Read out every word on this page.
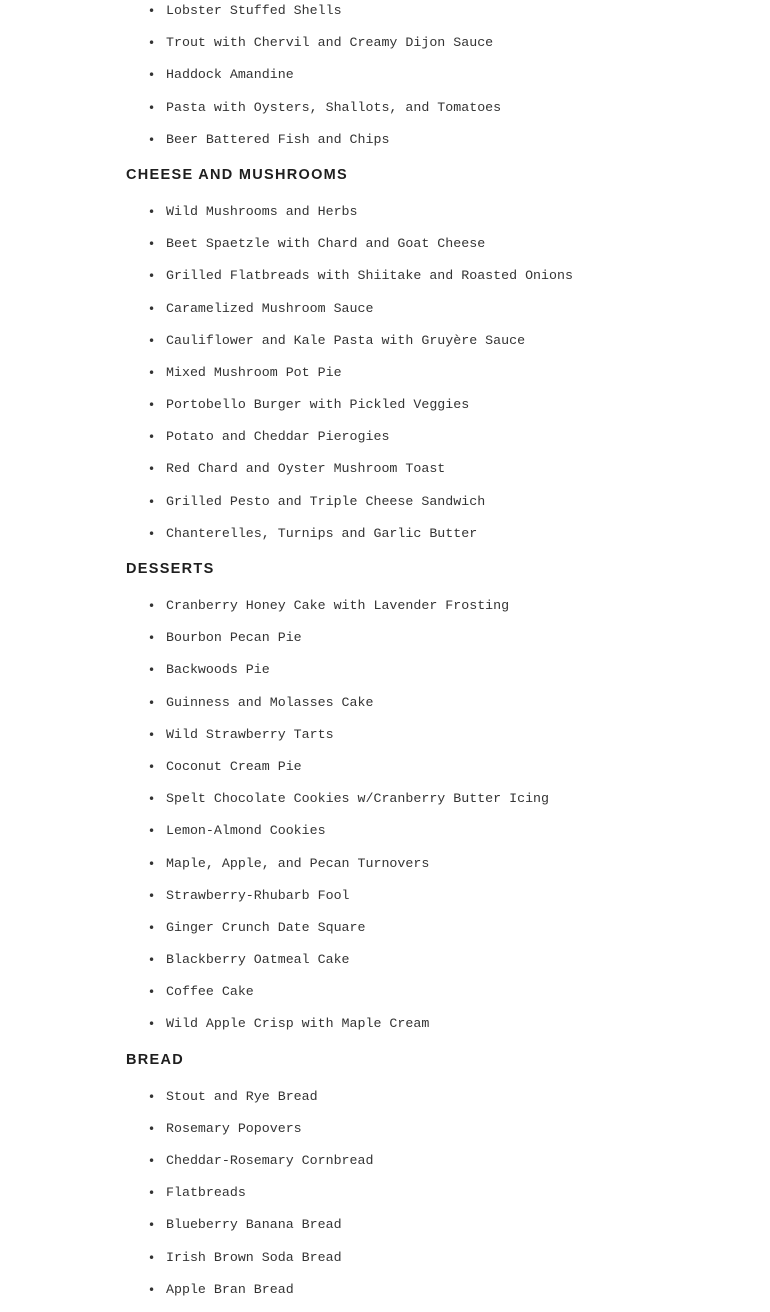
• Lobster Stuffed Shells
• Trout with Chervil and Creamy Dijon Sauce
• Haddock Amandine
• Pasta with Oysters, Shallots, and Tomatoes
• Beer Battered Fish and Chips
CHEESE AND MUSHROOMS
• Wild Mushrooms and Herbs
• Beet Spaetzle with Chard and Goat Cheese
• Grilled Flatbreads with Shiitake and Roasted Onions
• Caramelized Mushroom Sauce
• Cauliflower and Kale Pasta with Gruyère Sauce
• Mixed Mushroom Pot Pie
• Portobello Burger with Pickled Veggies
• Potato and Cheddar Pierogies
• Red Chard and Oyster Mushroom Toast
• Grilled Pesto and Triple Cheese Sandwich
• Chanterelles, Turnips and Garlic Butter
DESSERTS
• Cranberry Honey Cake with Lavender Frosting
• Bourbon Pecan Pie
• Backwoods Pie
• Guinness and Molasses Cake
• Wild Strawberry Tarts
• Coconut Cream Pie
• Spelt Chocolate Cookies w/Cranberry Butter Icing
• Lemon-Almond Cookies
• Maple, Apple, and Pecan Turnovers
• Strawberry-Rhubarb Fool
• Ginger Crunch Date Square
• Blackberry Oatmeal Cake
• Coffee Cake
• Wild Apple Crisp with Maple Cream
BREAD
• Stout and Rye Bread
• Rosemary Popovers
• Cheddar-Rosemary Cornbread
• Flatbreads
• Blueberry Banana Bread
• Irish Brown Soda Bread
• Apple Bran Bread
